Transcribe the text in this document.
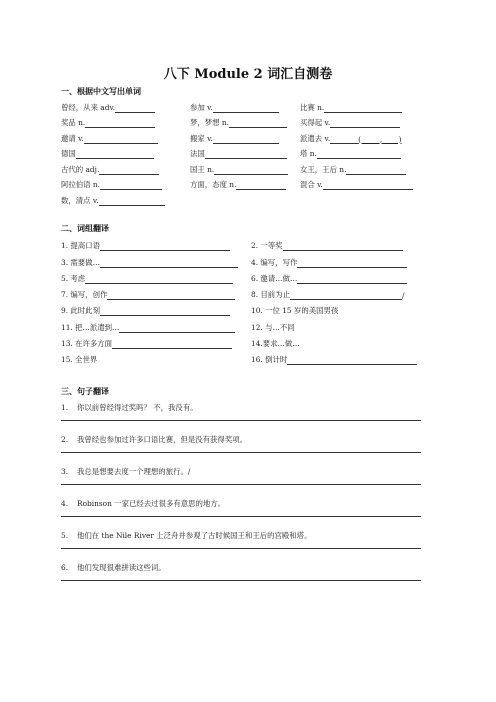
八下 Module 2 词汇自测卷
一、根据中文写出单词
曾经，从来 adv.	参加 v.	比赛 n.
奖品 n.	梦，梦想 n.	买得起 v.
邀请 v.	搬家 v.	派遣去 v.	(        ,       )
德国	法国	塔 n.
古代的 adj.	国王 n.	女王，王后 n.
阿拉伯语 n.	方面，态度 n.	混合 v.
数，清点 v.
二、词组翻译
1. 提高口语	2. 一等奖
3. 需要做…	4. 编写，写作
5. 考虑	6. 邀请…做…
7. 编写，创作	8. 目前为止	/
9. 此时此刻	10. 一位 15 岁的美国男孩
11. 把…派遣到…	12. 与…不同
13. 在许多方面	14.要求…做…
15. 全世界	16. 倒计时
三、句子翻译
1. 你以前曾经得过奖吗？ 不，我没有。
2. 我曾经也参加过许多口语比赛，但是没有获得奖项。
3. 我总是想要去度一个理想的旅行。/
4. Robinson 一家已经去过很多有意思的地方。
5. 他们在 the Nile River 上泛舟并参观了古时候国王和王后的宫殿和塔。
6. 他们发现很难拼读这些词。
